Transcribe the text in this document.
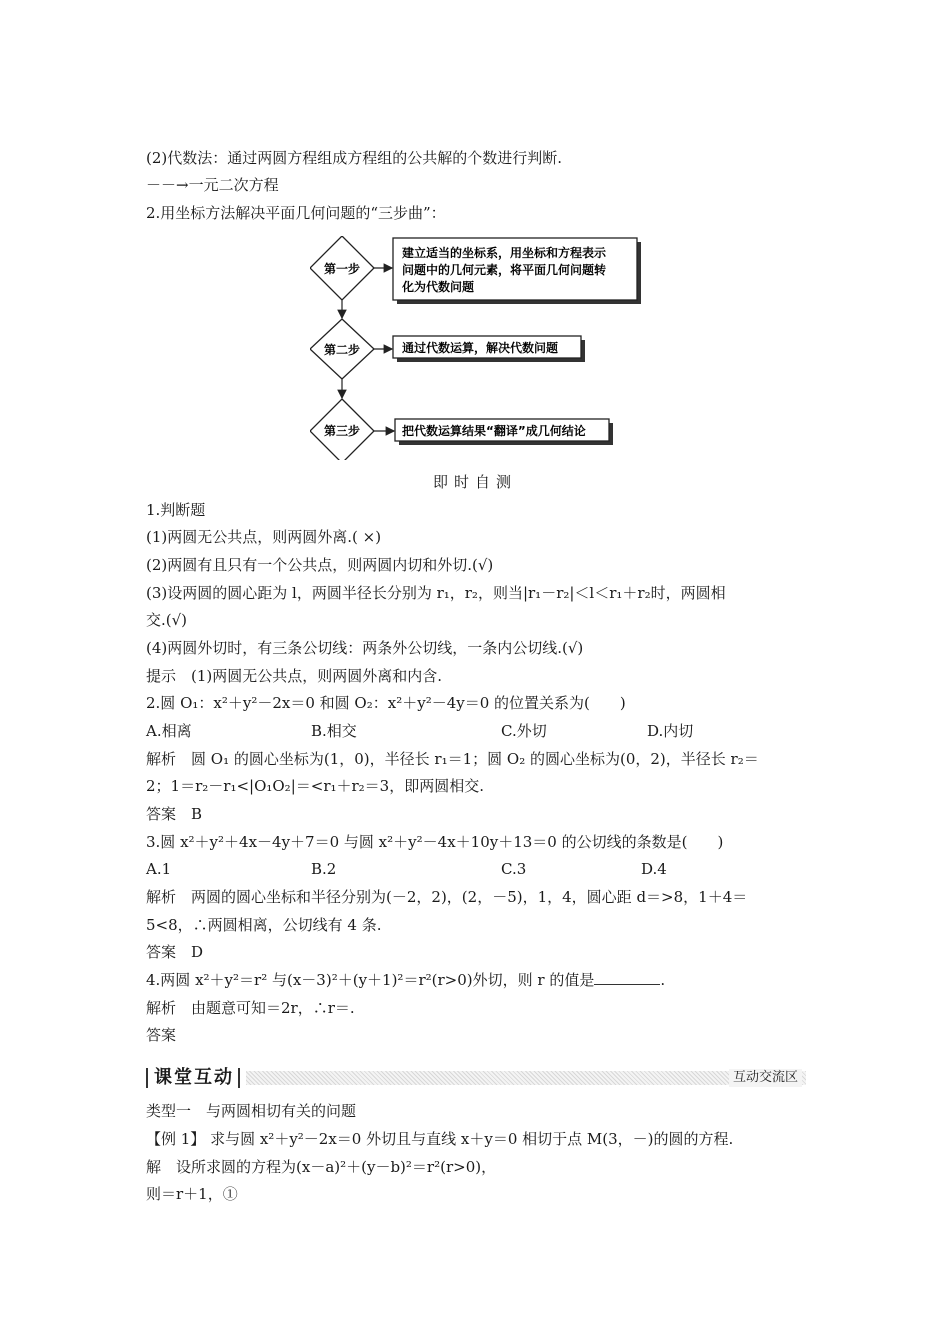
(2)代数法：通过两圆方程组成方程组的公共解的个数进行判断.
－－→一元二次方程
2.用坐标方法解决平面几何问题的“三步曲”：
第一步
第二步
第三步
建立适当的坐标系，用坐标和方程表示
问题中的几何元素，将平面几何问题转
化为代数问题
通过代数运算，解决代数问题
把代数运算结果“翻译”成几何结论
即时自测
1.判断题
(1)两圆无公共点，则两圆外离.( ×)
(2)两圆有且只有一个公共点，则两圆内切和外切.(√)
(3)设两圆的圆心距为 l，两圆半径长分别为 r₁，r₂，则当|r₁－r₂|＜l＜r₁＋r₂时，两圆相
交.(√)
(4)两圆外切时，有三条公切线：两条外公切线，一条内公切线.(√)
提示　(1)两圆无公共点，则两圆外离和内含.
2.圆 O₁：x²＋y²－2x＝0 和圆 O₂：x²＋y²－4y＝0 的位置关系为(　　)
A.相离	B.相交	C.外切	D.内切
解析　圆 O₁ 的圆心坐标为(1，0)，半径长 r₁＝1；圆 O₂ 的圆心坐标为(0，2)，半径长 r₂＝
2；1＝r₂－r₁<|O₁O₂|＝<r₁＋r₂＝3，即两圆相交.
答案　B
3.圆 x²＋y²＋4x－4y＋7＝0 与圆 x²＋y²－4x＋10y＋13＝0 的公切线的条数是(　　)
A.1	B.2	C.3	D.4
解析　两圆的圆心坐标和半径分别为(－2，2)，(2，－5)，1，4，圆心距 d＝>8，1＋4＝
5<8，∴两圆相离，公切线有 4 条.
答案　D
4.两圆 x²＋y²＝r² 与(x－3)²＋(y＋1)²＝r²(r>0)外切，则 r 的值是	.
解析　由题意可知＝2r，∴r＝.
答案
课堂互动	互动交流区
类型一　与两圆相切有关的问题
【例 1】 求与圆 x²＋y²－2x＝0 外切且与直线 x＋y＝0 相切于点 M(3，－)的圆的方程.
解　设所求圆的方程为(x－a)²＋(y－b)²＝r²(r>0)，
则＝r＋1，①
